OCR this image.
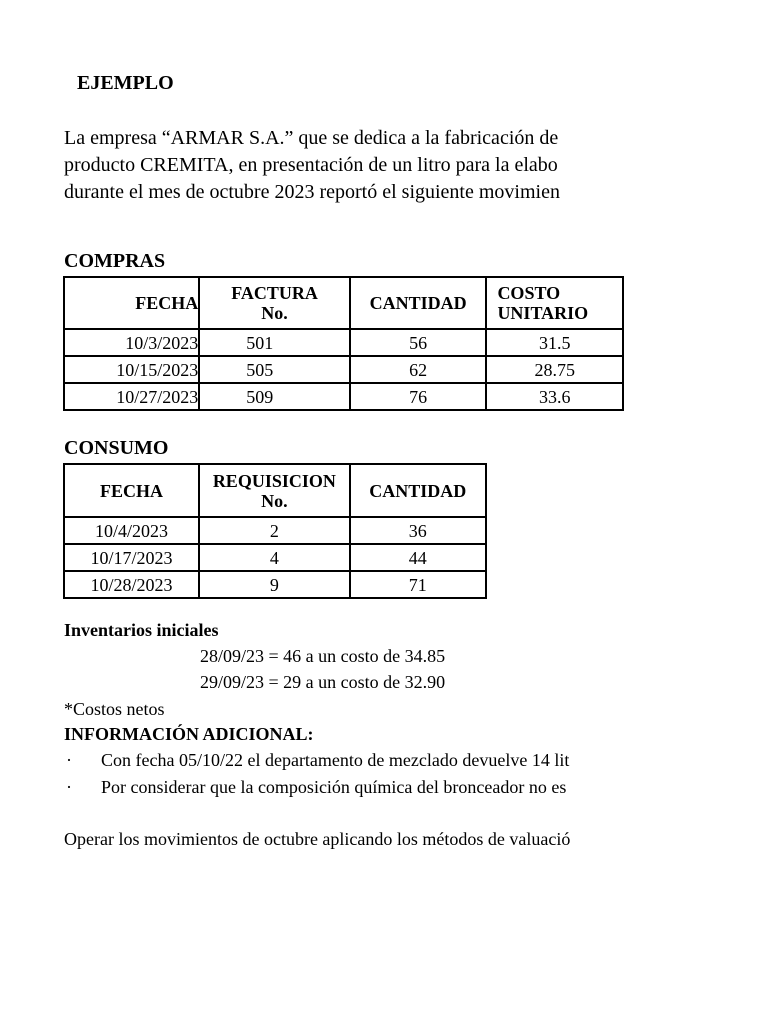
EJEMPLO
La empresa “ARMAR S.A.” que se dedica a la fabricación de
producto CREMITA, en presentación de un litro para la elabo
durante el mes de octubre 2023 reportó el siguiente movimien
COMPRAS
FECHA	FACTURA No.	CANTIDAD	COSTO UNITARIO
10/3/2023	501	56	31.5
10/15/2023	505	62	28.75
10/27/2023	509	76	33.6
CONSUMO
FECHA	REQUISICION No.	CANTIDAD
10/4/2023	2	36
10/17/2023	4	44
10/28/2023	9	71
Inventarios iniciales
28/09/23 = 46 a un costo de 34.85
29/09/23 = 29 a un costo de 32.90
*Costos netos
INFORMACIÓN ADICIONAL:
· Con fecha 05/10/22 el departamento de mezclado devuelve 14 lit
· Por considerar que la composición química del bronceador no es
Operar los movimientos de octubre aplicando los métodos de valuació
